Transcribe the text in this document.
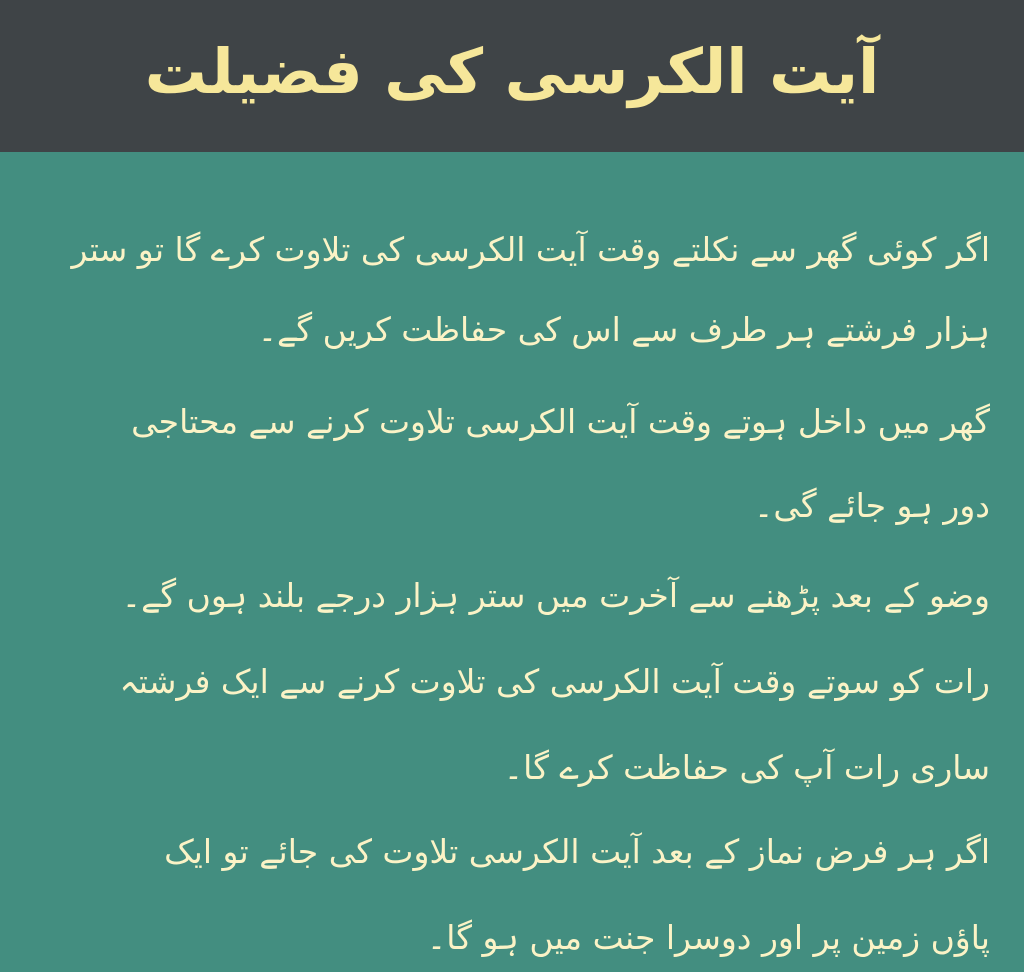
آیت الکرسی کی فضیلت
اگر کوئی گھر سے نکلتے وقت آیت الکرسی کی تلاوت کرے گا تو ستر
ہزار فرشتے ہر طرف سے اس کی حفاظت کریں گے۔
گھر میں داخل ہوتے وقت آیت الکرسی تلاوت کرنے سے محتاجی
دور ہو جائے گی۔
وضو کے بعد پڑھنے سے آخرت میں ستر ہزار درجے بلند ہوں گے۔
رات کو سوتے وقت آیت الکرسی کی تلاوت کرنے سے ایک فرشتہ
ساری رات آپ کی حفاظت کرے گا۔
اگر ہر فرض نماز کے بعد آیت الکرسی تلاوت کی جائے تو ایک
پاؤں زمین پر اور دوسرا جنت میں ہو گا۔
